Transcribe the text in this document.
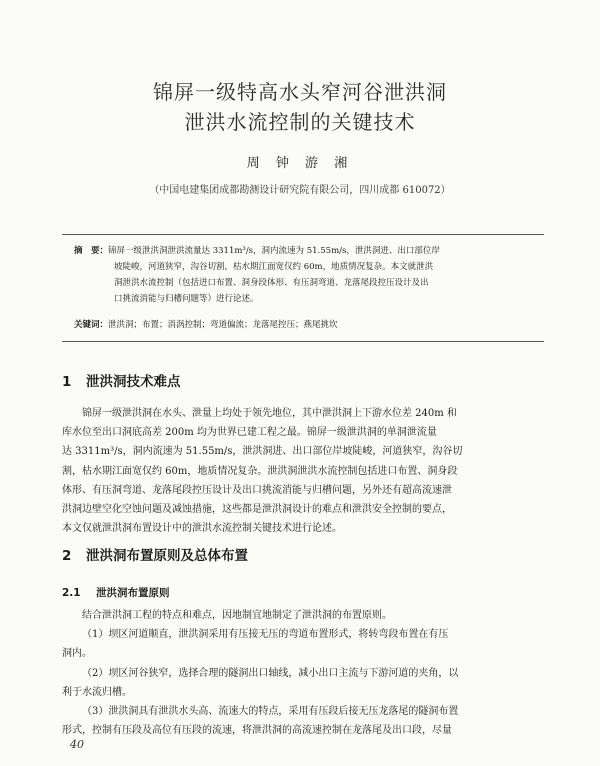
锦屏一级特高水头窄河谷泄洪洞
泄洪水流控制的关键技术
周 钟 游 湘
（中国电建集团成都勘测设计研究院有限公司，四川成都 610072）
摘　要：锦屏一级泄洪洞泄洪流量达 3311m³/s，洞内流速为 51.55m/s，泄洪洞进、出口部位岸
坡陡峻，河道狭窄，沟谷切割，枯水期江面宽仅约 60m，地质情况复杂。本文就泄洪
洞泄洪水流控制（包括进口布置、洞身段体形、有压洞弯道、龙落尾段控压设计及出
口挑流消能与归槽问题等）进行论述。
关键词：泄洪洞；布置；消涡控制；弯道偏流；龙落尾控压；燕尾挑坎
1 泄洪洞技术难点
锦屏一级泄洪洞在水头、泄量上均处于领先地位，其中泄洪洞上下游水位差 240m 和
库水位至出口洞底高差 200m 均为世界已建工程之最。锦屏一级泄洪洞的单洞泄流量
达 3311m³/s，洞内流速为 51.55m/s，泄洪洞进、出口部位岸坡陡峻，河道狭窄，沟谷切
割，枯水期江面宽仅约 60m，地质情况复杂。泄洪洞泄洪水流控制包括进口布置、洞身段
体形、有压洞弯道、龙落尾段控压设计及出口挑流消能与归槽问题，另外还有超高流速泄
洪洞边壁空化空蚀问题及减蚀措施，这些都是泄洪洞设计的难点和泄洪安全控制的要点，
本文仅就泄洪洞布置设计中的泄洪水流控制关键技术进行论述。
2 泄洪洞布置原则及总体布置
2.1 泄洪洞布置原则
结合泄洪洞工程的特点和难点，因地制宜地制定了泄洪洞的布置原则。
（1）坝区河道顺直，泄洪洞采用有压接无压的弯道布置形式，将转弯段布置在有压
洞内。
（2）坝区河谷狭窄，选择合理的隧洞出口轴线，减小出口主流与下游河道的夹角，以
利于水流归槽。
（3）泄洪洞具有泄洪水头高、流速大的特点，采用有压段后接无压龙落尾的隧洞布置
形式，控制有压段及高位有压段的流速，将泄洪洞的高流速控制在龙落尾及出口段，尽量
40
